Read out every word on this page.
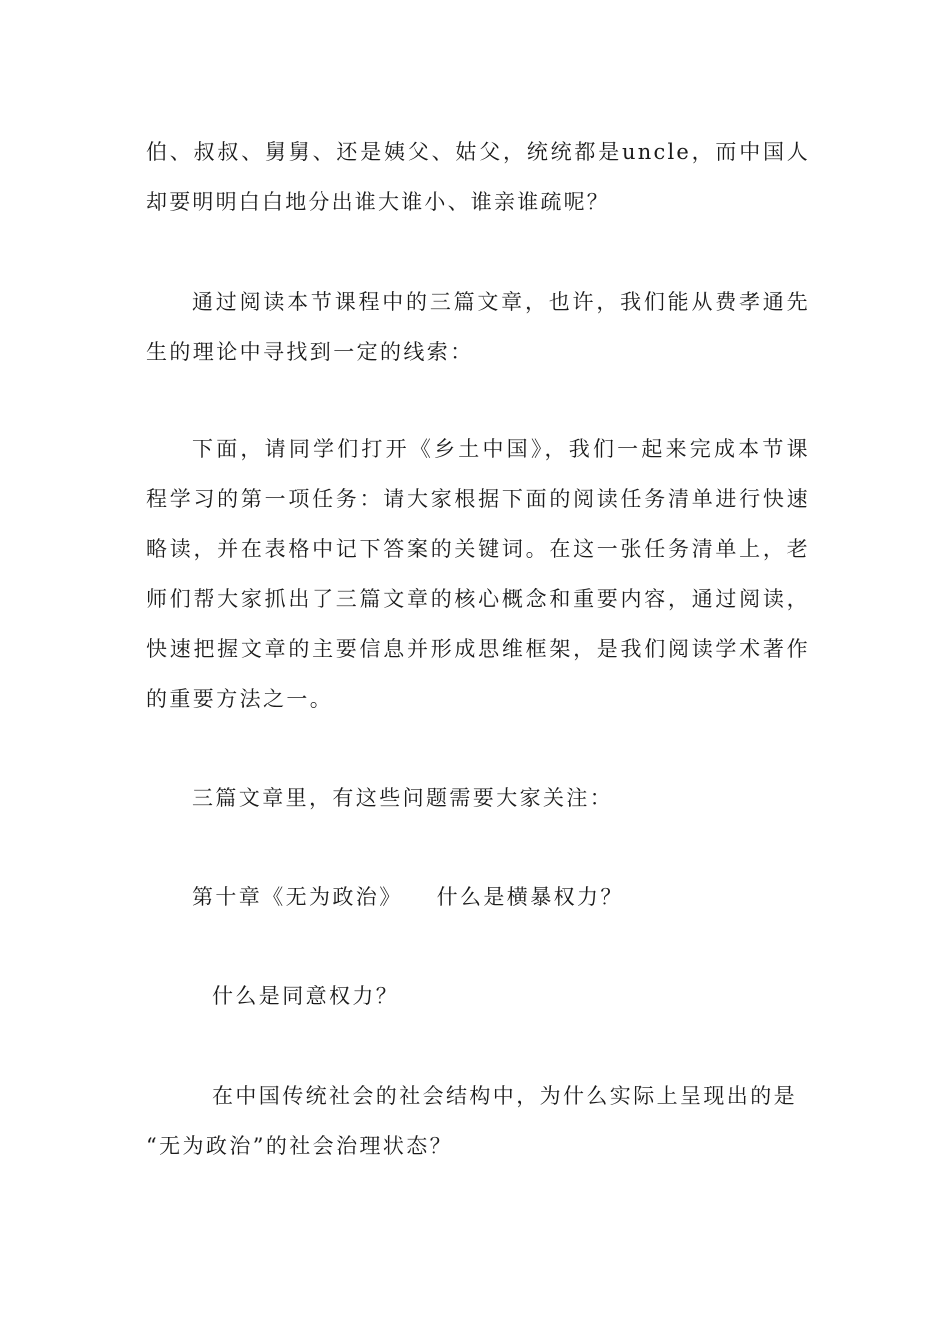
伯、叔叔、舅舅、还是姨父、姑父，统统都是uncle，而中国人却要明明白白地分出谁大谁小、谁亲谁疏呢？

通过阅读本节课程中的三篇文章，也许，我们能从费孝通先生的理论中寻找到一定的线索：

下面，请同学们打开《乡土中国》，我们一起来完成本节课程学习的第一项任务：请大家根据下面的阅读任务清单进行快速略读，并在表格中记下答案的关键词。在这一张任务清单上，老师们帮大家抓出了三篇文章的核心概念和重要内容，通过阅读，快速把握文章的主要信息并形成思维框架，是我们阅读学术著作的重要方法之一。

三篇文章里，有这些问题需要大家关注：

第十章《无为政治》 什么是横暴权力？

什么是同意权力？

在中国传统社会的社会结构中，为什么实际上呈现出的是
“无为政治”的社会治理状态？
